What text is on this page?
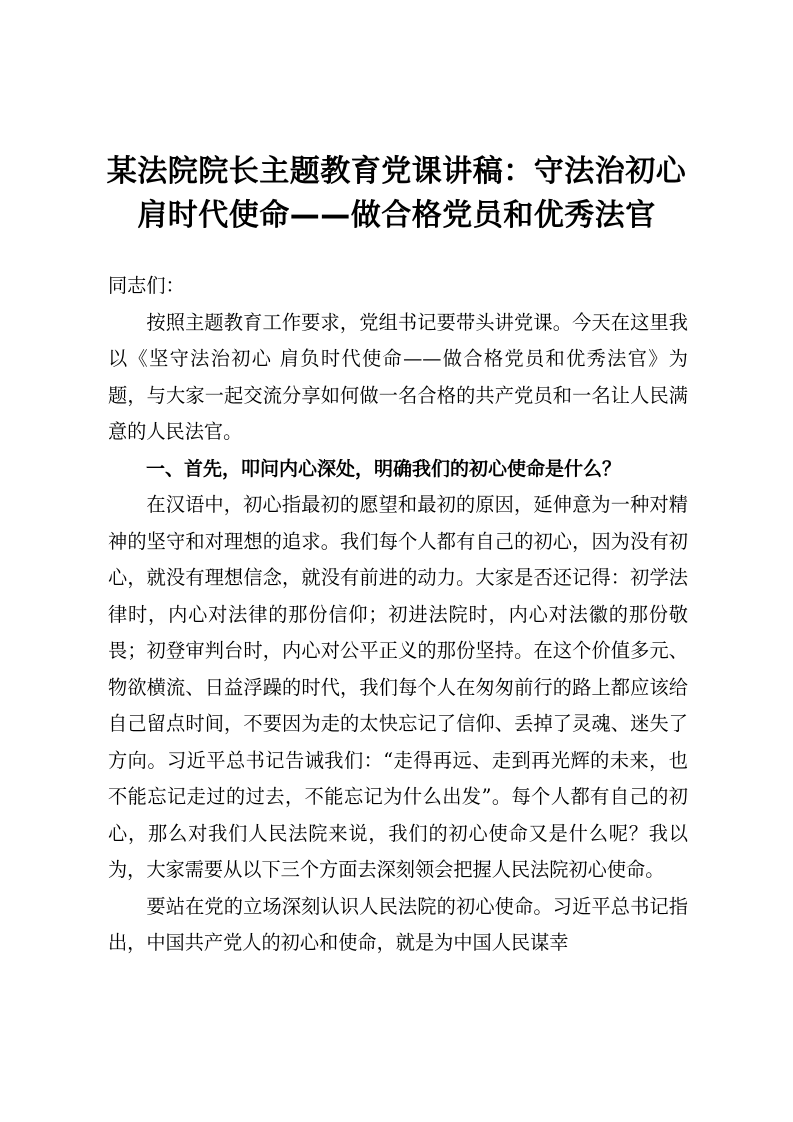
某法院院长主题教育党课讲稿：守法治初心
肩时代使命——做合格党员和优秀法官

同志们：

按照主题教育工作要求，党组书记要带头讲党课。今天在这里我以《坚守法治初心 肩负时代使命——做合格党员和优秀法官》为题，与大家一起交流分享如何做一名合格的共产党员和一名让人民满意的人民法官。

一、首先，叩问内心深处，明确我们的初心使命是什么？

在汉语中，初心指最初的愿望和最初的原因，延伸意为一种对精神的坚守和对理想的追求。我们每个人都有自己的初心，因为没有初心，就没有理想信念，就没有前进的动力。大家是否还记得：初学法律时，内心对法律的那份信仰；初进法院时，内心对法徽的那份敬畏；初登审判台时，内心对公平正义的那份坚持。在这个价值多元、物欲横流、日益浮躁的时代，我们每个人在匆匆前行的路上都应该给自己留点时间，不要因为走的太快忘记了信仰、丢掉了灵魂、迷失了方向。习近平总书记告诫我们：“走得再远、走到再光辉的未来，也不能忘记走过的过去，不能忘记为什么出发”。每个人都有自己的初心，那么对我们人民法院来说，我们的初心使命又是什么呢？我以为，大家需要从以下三个方面去深刻领会把握人民法院初心使命。

要站在党的立场深刻认识人民法院的初心使命。习近平总书记指出，中国共产党人的初心和使命，就是为中国人民谋幸
